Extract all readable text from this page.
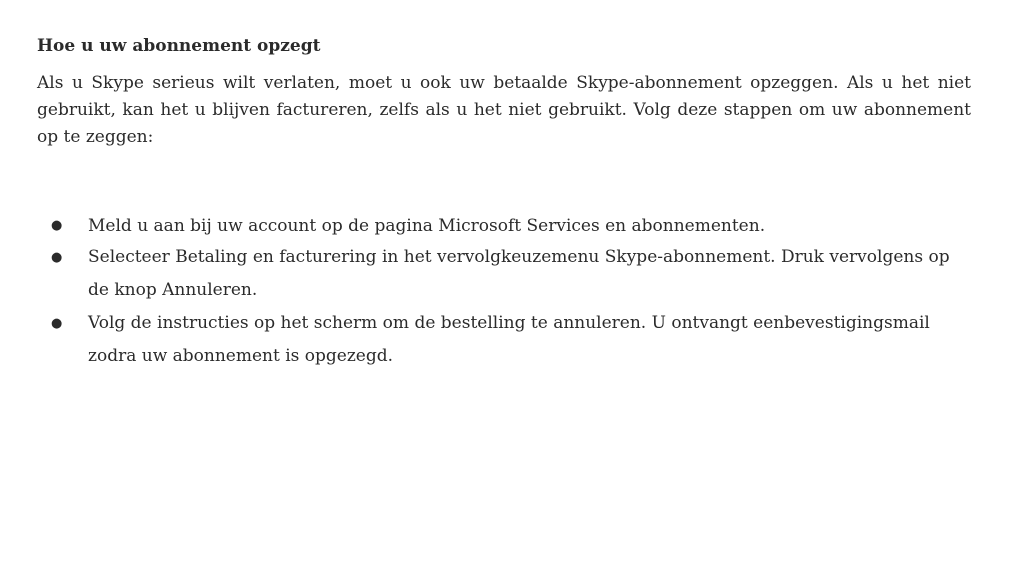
Hoe u uw abonnement opzegt

Als u Skype serieus wilt verlaten, moet u ook uw betaalde Skype-abonnement opzeggen. Als u het niet gebruikt, kan het u blijven factureren, zelfs als u het niet gebruikt. Volg deze stappen om uw abonnement op te zeggen:

● Meld u aan bij uw account op de pagina Microsoft Services en abonnementen.
● Selecteer Betaling en facturering in het vervolgkeuzemenu Skype-abonnement. Druk vervolgens op de knop Annuleren.
● Volg de instructies op het scherm om de bestelling te annuleren. U ontvangt eenbevestigingsmail zodra uw abonnement is opgezegd.
